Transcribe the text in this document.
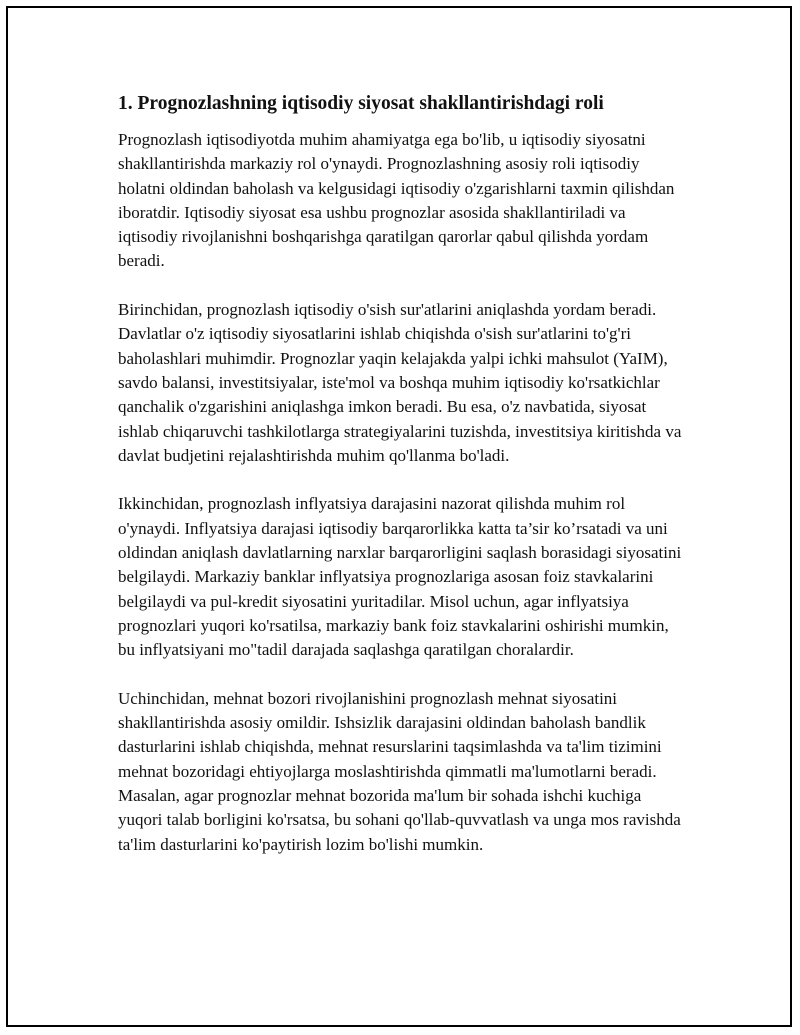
1. Prognozlashning iqtisodiy siyosat shakllantirishdagi roli

Prognozlash iqtisodiyotda muhim ahamiyatga ega bo'lib, u iqtisodiy siyosatni shakllantirishda markaziy rol o'ynaydi. Prognozlashning asosiy roli iqtisodiy holatni oldindan baholash va kelgusidagi iqtisodiy o'zgarishlarni taxmin qilishdan iboratdir. Iqtisodiy siyosat esa ushbu prognozlar asosida shakllantiriladi va iqtisodiy rivojlanishni boshqarishga qaratilgan qarorlar qabul qilishda yordam beradi.

Birinchidan, prognozlash iqtisodiy o'sish sur'atlarini aniqlashda yordam beradi. Davlatlar o'z iqtisodiy siyosatlarini ishlab chiqishda o'sish sur'atlarini to'g'ri baholashlari muhimdir. Prognozlar yaqin kelajakda yalpi ichki mahsulot (YaIM), savdo balansi, investitsiyalar, iste'mol va boshqa muhim iqtisodiy ko'rsatkichlar qanchalik o'zgarishini aniqlashga imkon beradi. Bu esa, o'z navbatida, siyosat ishlab chiqaruvchi tashkilotlarga strategiyalarini tuzishda, investitsiya kiritishda va davlat budjetini rejalashtirishda muhim qo'llanma bo'ladi.

Ikkinchidan, prognozlash inflyatsiya darajasini nazorat qilishda muhim rol o'ynaydi. Inflyatsiya darajasi iqtisodiy barqarorlikka katta ta’sir ko’rsatadi va uni oldindan aniqlash davlatlarning narxlar barqarorligini saqlash borasidagi siyosatini belgilaydi. Markaziy banklar inflyatsiya prognozlariga asosan foiz stavkalarini belgilaydi va pul-kredit siyosatini yuritadilar. Misol uchun, agar inflyatsiya prognozlari yuqori ko'rsatilsa, markaziy bank foiz stavkalarini oshirishi mumkin, bu inflyatsiyani mo"tadil darajada saqlashga qaratilgan choralardir.

Uchinchidan, mehnat bozori rivojlanishini prognozlash mehnat siyosatini shakllantirishda asosiy omildir. Ishsizlik darajasini oldindan baholash bandlik dasturlarini ishlab chiqishda, mehnat resurslarini taqsimlashda va ta'lim tizimini mehnat bozoridagi ehtiyojlarga moslashtirishda qimmatli ma'lumotlarni beradi. Masalan, agar prognozlar mehnat bozorida ma'lum bir sohada ishchi kuchiga yuqori talab borligini ko'rsatsa, bu sohani qo'llab-quvvatlash va unga mos ravishda ta'lim dasturlarini ko'paytirish lozim bo'lishi mumkin.
